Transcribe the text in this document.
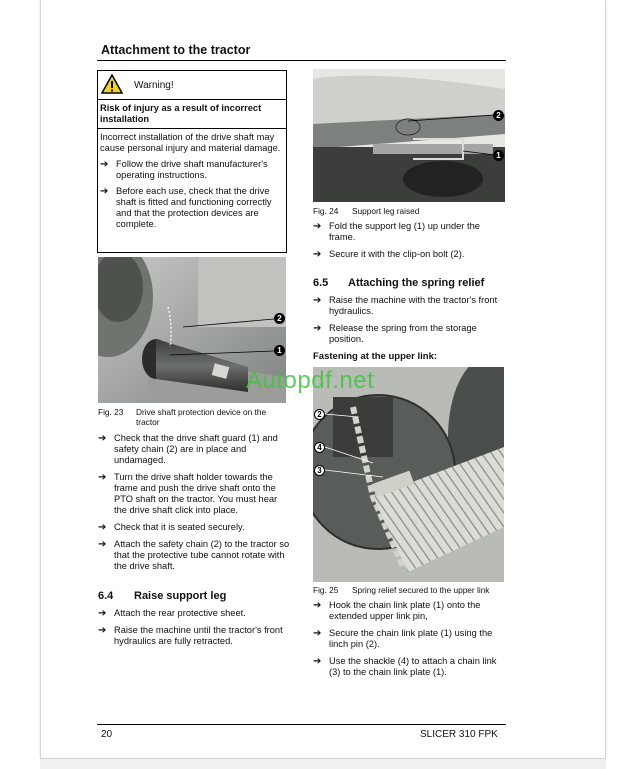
Attachment to the tractor
Warning!
Risk of injury as a result of incorrect installation
Incorrect installation of the drive shaft may cause personal injury and material damage.
➔ Follow the drive shaft manufacturer's operating instructions.
➔ Before each use, check that the drive shaft is fitted and functioning correctly and that the protection devices are complete.
2
1
Fig. 23 Drive shaft protection device on the tractor
➔ Check that the drive shaft guard (1) and safety chain (2) are in place and undamaged.
➔ Turn the drive shaft holder towards the frame and push the drive shaft onto the PTO shaft on the tractor. You must hear the drive shaft click into place.
➔ Check that it is seated securely.
➔ Attach the safety chain (2) to the tractor so that the protective tube cannot rotate with the drive shaft.
6.4 Raise support leg
➔ Attach the rear protective sheet.
➔ Raise the machine until the tractor's front hydraulics are fully retracted.
2
1
Fig. 24 Support leg raised
➔ Fold the support leg (1) up under the frame.
➔ Secure it with the clip-on bolt (2).
6.5 Attaching the spring relief
➔ Raise the machine with the tractor's front hydraulics.
➔ Release the spring from the storage position.
Fastening at the upper link:
2
4
3
Fig. 25 Spring relief secured to the upper link
➔ Hook the chain link plate (1) onto the extended upper link pin,
➔ Secure the chain link plate (1) using the linch pin (2).
➔ Use the shackle (4) to attach a chain link (3) to the chain link plate (1).
Autopdf.net
20	SLICER 310 FPK
